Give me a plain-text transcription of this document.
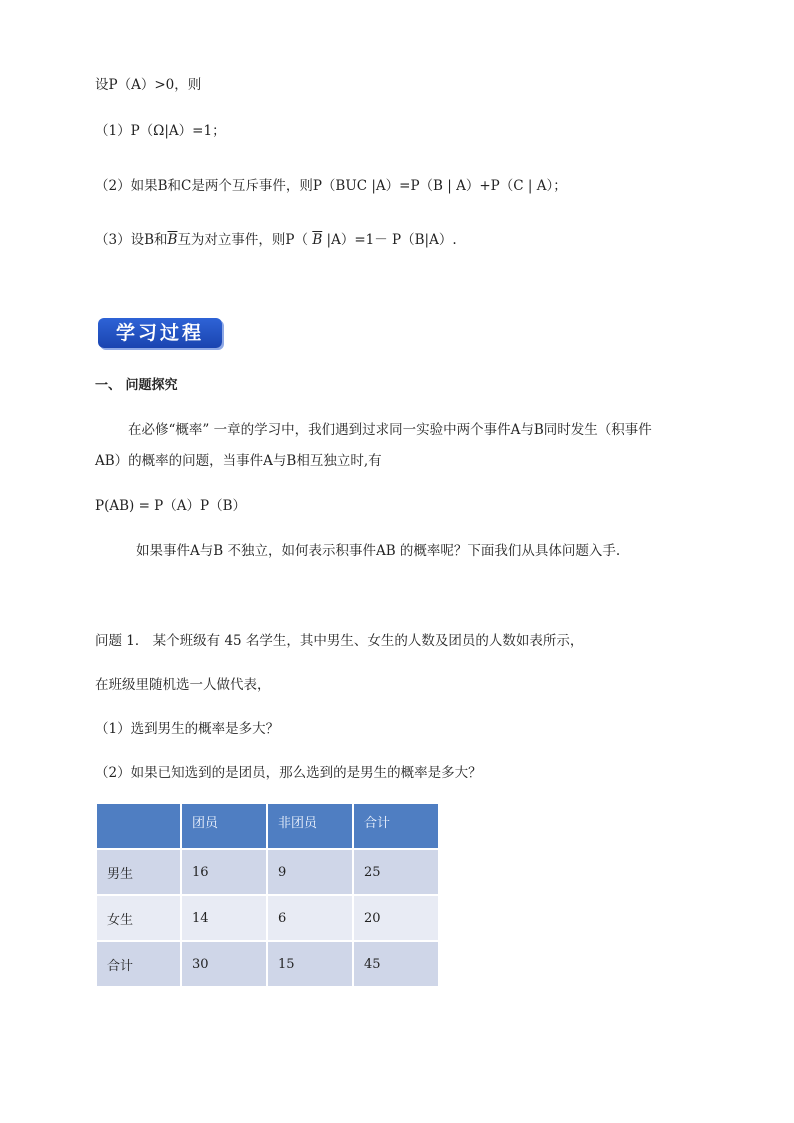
设P（A）>0，则
（1）P（Ω|A）=1；
（2）如果B和C是两个互斥事件，则P（BUC |A）=P（B | A）+P（C | A）；
（3）设B和$\overline{B}$互为对立事件，则P（ $\overline{B}$ |A）=1－ P（B|A）.
学习过程
一、 问题探究
在必修“概率” 一章的学习中，我们遇到过求同一实验中两个事件A与B同时发生（积事件
AB）的概率的问题，当事件A与B相互独立时,有
P(AB) = P（A）P（B）
如果事件A与B 不独立，如何表示积事件AB 的概率呢？下面我们从具体问题入手.
问题 1． 某个班级有 45 名学生，其中男生、女生的人数及团员的人数如表所示，
在班级里随机选一人做代表，
（1）选到男生的概率是多大？
（2）如果已知选到的是团员，那么选到的是男生的概率是多大？
	团员	非团员	合计
男生	16	9	25
女生	14	6	20
合计	30	15	45
